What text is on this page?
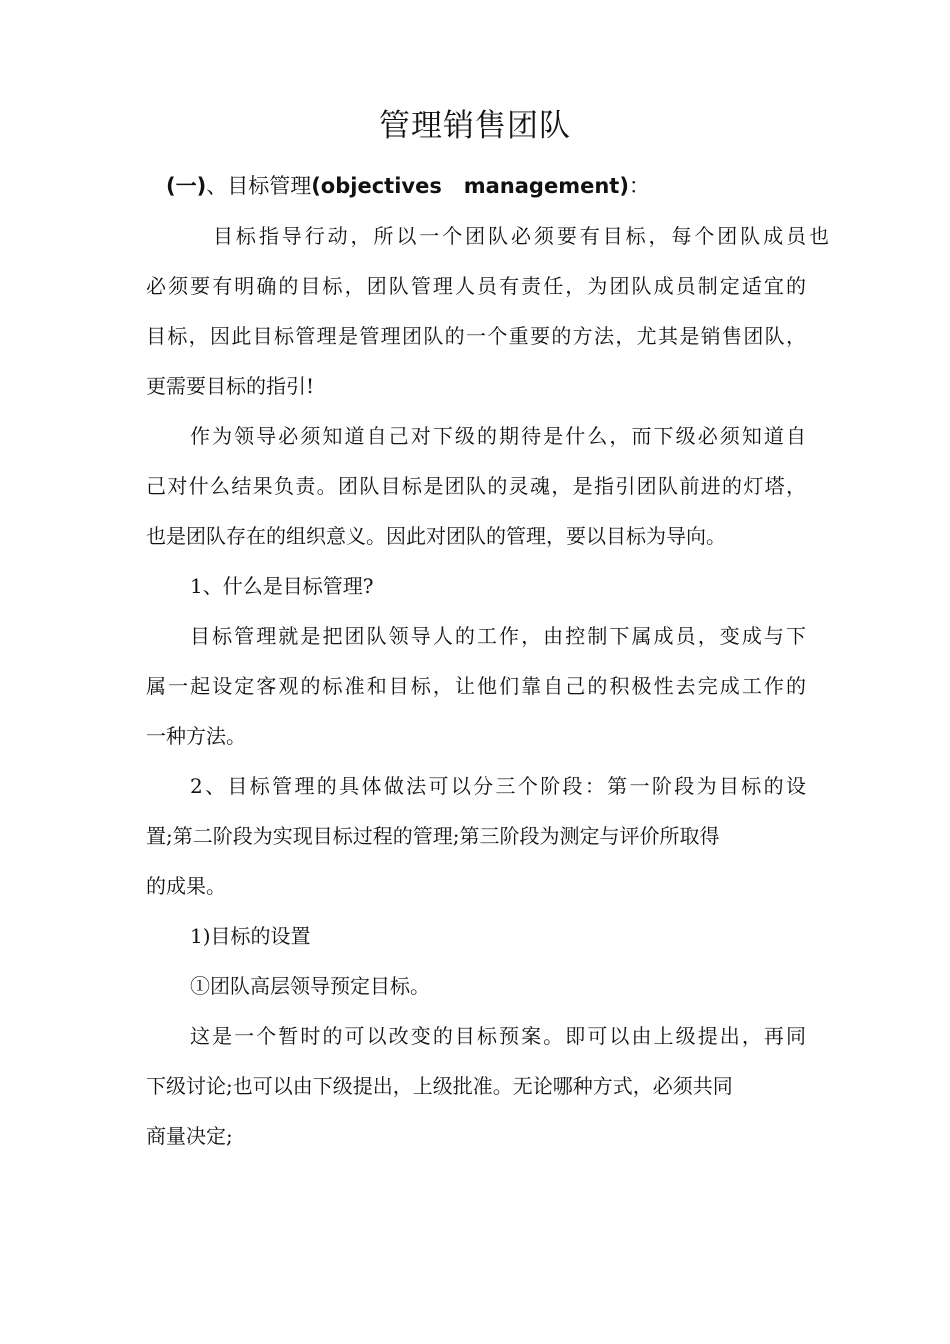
管理销售团队
(一)、目标管理(objectives   management)：
目标指导行动，所以一个团队必须要有目标，每个团队成员也
必须要有明确的目标，团队管理人员有责任，为团队成员制定适宜的
目标，因此目标管理是管理团队的一个重要的方法，尤其是销售团队，
更需要目标的指引!
作为领导必须知道自己对下级的期待是什么，而下级必须知道自
己对什么结果负责。团队目标是团队的灵魂，是指引团队前进的灯塔，
也是团队存在的组织意义。因此对团队的管理，要以目标为导向。
1、什么是目标管理?
目标管理就是把团队领导人的工作，由控制下属成员，变成与下
属一起设定客观的标准和目标，让他们靠自己的积极性去完成工作的
一种方法。
2、目标管理的具体做法可以分三个阶段：第一阶段为目标的设
置;第二阶段为实现目标过程的管理;第三阶段为测定与评价所取得
的成果。
1)目标的设置
①团队高层领导预定目标。
这是一个暂时的可以改变的目标预案。即可以由上级提出，再同
下级讨论;也可以由下级提出，上级批准。无论哪种方式，必须共同
商量决定;
